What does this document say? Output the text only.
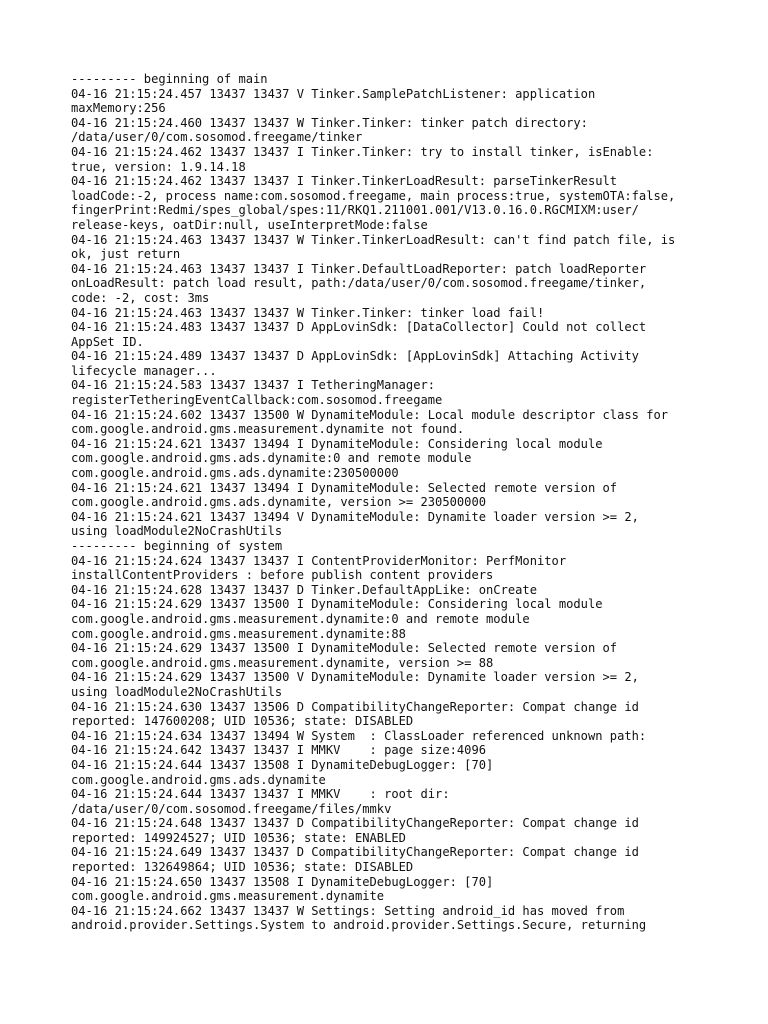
--------- beginning of main
04-16 21:15:24.457 13437 13437 V Tinker.SamplePatchListener: application
maxMemory:256
04-16 21:15:24.460 13437 13437 W Tinker.Tinker: tinker patch directory:
/data/user/0/com.sosomod.freegame/tinker
04-16 21:15:24.462 13437 13437 I Tinker.Tinker: try to install tinker, isEnable:
true, version: 1.9.14.18
04-16 21:15:24.462 13437 13437 I Tinker.TinkerLoadResult: parseTinkerResult
loadCode:-2, process name:com.sosomod.freegame, main process:true, systemOTA:false,
fingerPrint:Redmi/spes_global/spes:11/RKQ1.211001.001/V13.0.16.0.RGCMIXM:user/
release-keys, oatDir:null, useInterpretMode:false
04-16 21:15:24.463 13437 13437 W Tinker.TinkerLoadResult: can't find patch file, is
ok, just return
04-16 21:15:24.463 13437 13437 I Tinker.DefaultLoadReporter: patch loadReporter
onLoadResult: patch load result, path:/data/user/0/com.sosomod.freegame/tinker,
code: -2, cost: 3ms
04-16 21:15:24.463 13437 13437 W Tinker.Tinker: tinker load fail!
04-16 21:15:24.483 13437 13437 D AppLovinSdk: [DataCollector] Could not collect
AppSet ID.
04-16 21:15:24.489 13437 13437 D AppLovinSdk: [AppLovinSdk] Attaching Activity
lifecycle manager...
04-16 21:15:24.583 13437 13437 I TetheringManager:
registerTetheringEventCallback:com.sosomod.freegame
04-16 21:15:24.602 13437 13500 W DynamiteModule: Local module descriptor class for
com.google.android.gms.measurement.dynamite not found.
04-16 21:15:24.621 13437 13494 I DynamiteModule: Considering local module
com.google.android.gms.ads.dynamite:0 and remote module
com.google.android.gms.ads.dynamite:230500000
04-16 21:15:24.621 13437 13494 I DynamiteModule: Selected remote version of
com.google.android.gms.ads.dynamite, version >= 230500000
04-16 21:15:24.621 13437 13494 V DynamiteModule: Dynamite loader version >= 2,
using loadModule2NoCrashUtils
--------- beginning of system
04-16 21:15:24.624 13437 13437 I ContentProviderMonitor: PerfMonitor
installContentProviders : before publish content providers
04-16 21:15:24.628 13437 13437 D Tinker.DefaultAppLike: onCreate
04-16 21:15:24.629 13437 13500 I DynamiteModule: Considering local module
com.google.android.gms.measurement.dynamite:0 and remote module
com.google.android.gms.measurement.dynamite:88
04-16 21:15:24.629 13437 13500 I DynamiteModule: Selected remote version of
com.google.android.gms.measurement.dynamite, version >= 88
04-16 21:15:24.629 13437 13500 V DynamiteModule: Dynamite loader version >= 2,
using loadModule2NoCrashUtils
04-16 21:15:24.630 13437 13506 D CompatibilityChangeReporter: Compat change id
reported: 147600208; UID 10536; state: DISABLED
04-16 21:15:24.634 13437 13494 W System  : ClassLoader referenced unknown path:
04-16 21:15:24.642 13437 13437 I MMKV    : page size:4096
04-16 21:15:24.644 13437 13508 I DynamiteDebugLogger: [70]
com.google.android.gms.ads.dynamite
04-16 21:15:24.644 13437 13437 I MMKV    : root dir:
/data/user/0/com.sosomod.freegame/files/mmkv
04-16 21:15:24.648 13437 13437 D CompatibilityChangeReporter: Compat change id
reported: 149924527; UID 10536; state: ENABLED
04-16 21:15:24.649 13437 13437 D CompatibilityChangeReporter: Compat change id
reported: 132649864; UID 10536; state: DISABLED
04-16 21:15:24.650 13437 13508 I DynamiteDebugLogger: [70]
com.google.android.gms.measurement.dynamite
04-16 21:15:24.662 13437 13437 W Settings: Setting android_id has moved from
android.provider.Settings.System to android.provider.Settings.Secure, returning
